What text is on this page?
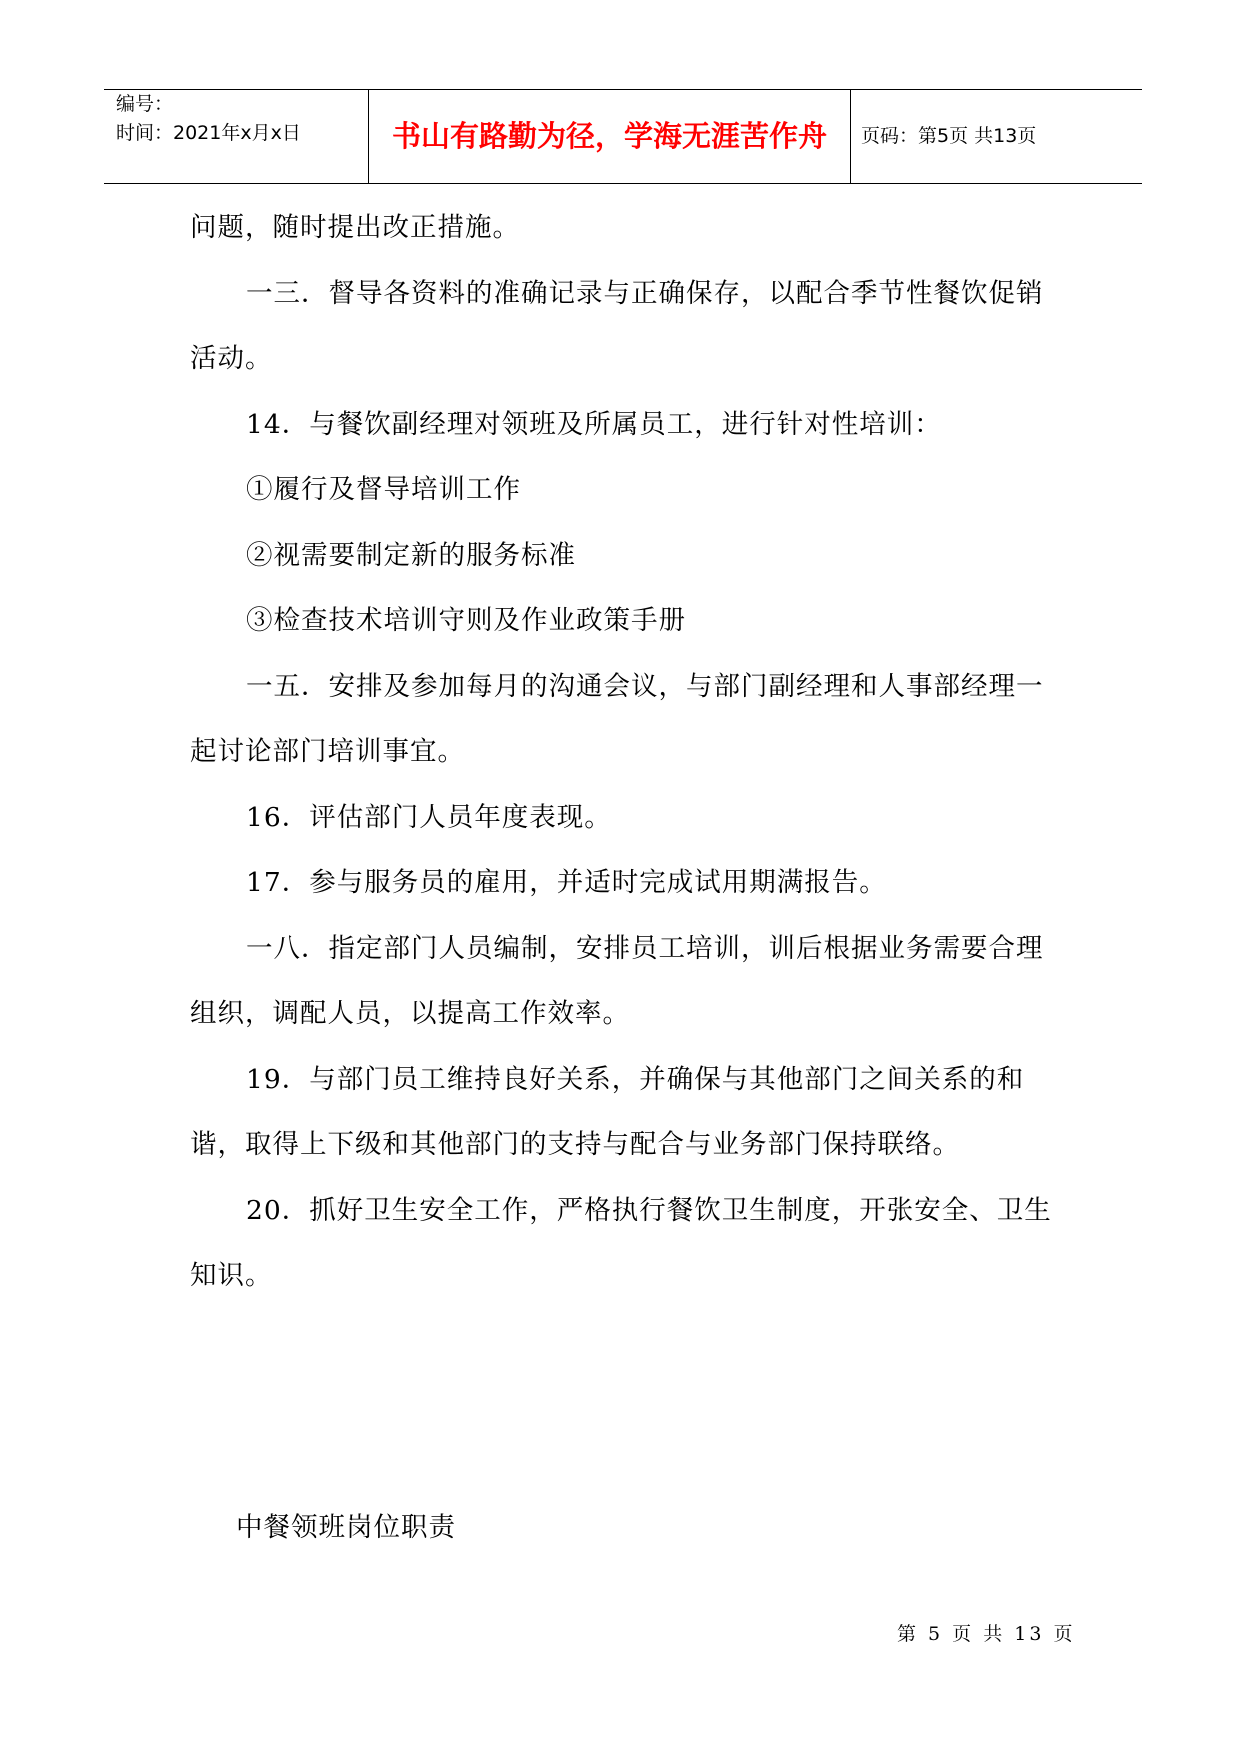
编号：
时间：2021年x月x日	书山有路勤为径，学海无涯苦作舟	页码：第5页 共13页

问题，随时提出改正措施。

一三．督导各资料的准确记录与正确保存，以配合季节性餐饮促销活动。

14．与餐饮副经理对领班及所属员工，进行针对性培训：

①履行及督导培训工作

②视需要制定新的服务标准

③检查技术培训守则及作业政策手册

一五．安排及参加每月的沟通会议，与部门副经理和人事部经理一起讨论部门培训事宜。

16．评估部门人员年度表现。

17．参与服务员的雇用，并适时完成试用期满报告。

一八．指定部门人员编制，安排员工培训，训后根据业务需要合理组织，调配人员，以提高工作效率。

19．与部门员工维持良好关系，并确保与其他部门之间关系的和谐，取得上下级和其他部门的支持与配合与业务部门保持联络。

20．抓好卫生安全工作，严格执行餐饮卫生制度，开张安全、卫生知识。

中餐领班岗位职责
第 5 页 共 13 页
